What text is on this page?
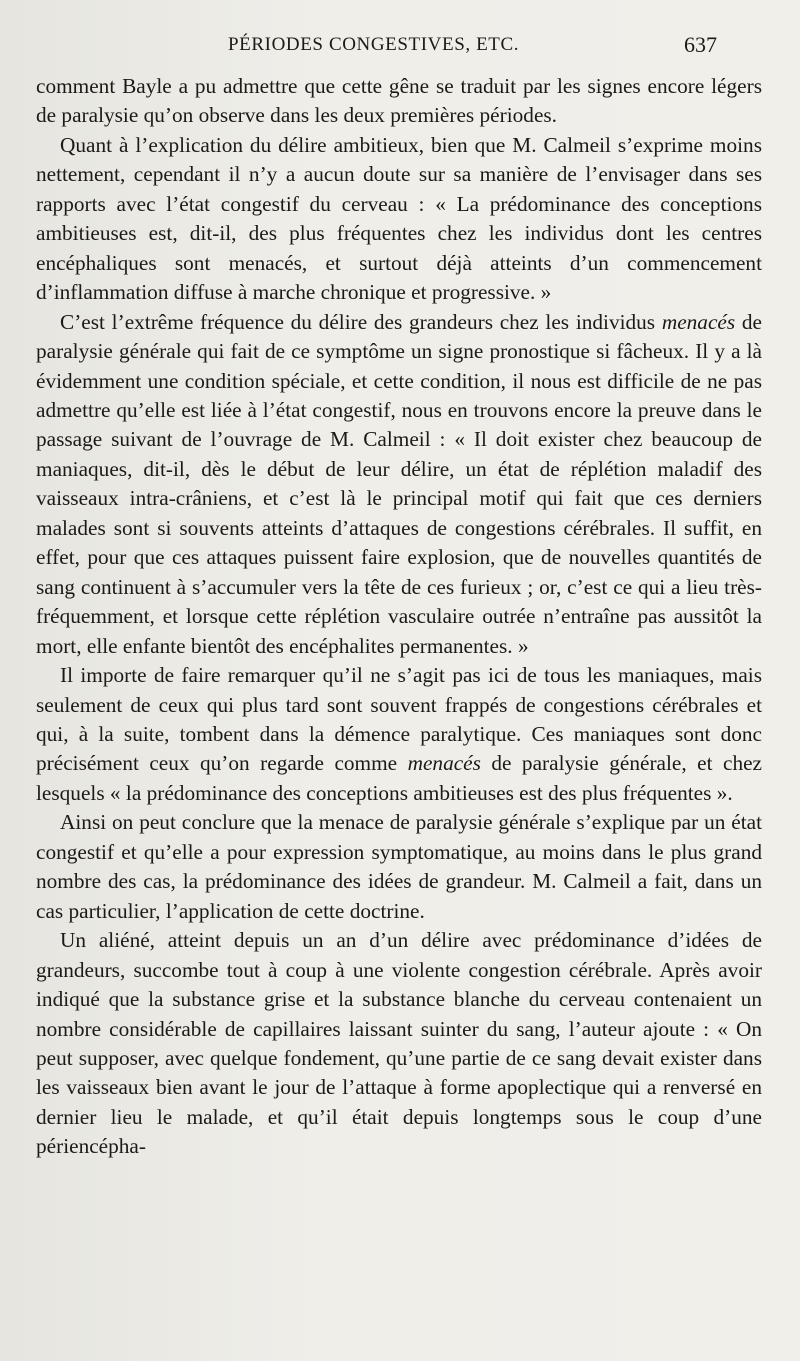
PÉRIODES CONGESTIVES, ETC.	637

comment Bayle a pu admettre que cette gêne se traduit par les signes encore légers de paralysie qu’on observe dans les deux premières périodes.

Quant à l’explication du délire ambitieux, bien que M. Calmeil s’exprime moins nettement, cependant il n’y a aucun doute sur sa manière de l’envisager dans ses rapports avec l’état congestif du cerveau : « La prédominance des conceptions ambitieuses est, dit-il, des plus fréquentes chez les individus dont les centres encéphaliques sont menacés, et surtout déjà atteints d’un commencement d’inflammation diffuse à marche chronique et progressive. »

C’est l’extrême fréquence du délire des grandeurs chez les individus menacés de paralysie générale qui fait de ce symptôme un signe pronostique si fâcheux. Il y a là évidemment une condition spéciale, et cette condition, il nous est difficile de ne pas admettre qu’elle est liée à l’état congestif, nous en trouvons encore la preuve dans le passage suivant de l’ouvrage de M. Calmeil : « Il doit exister chez beaucoup de maniaques, dit-il, dès le début de leur délire, un état de réplétion maladif des vaisseaux intra-crâniens, et c’est là le principal motif qui fait que ces derniers malades sont si souvents atteints d’attaques de congestions cérébrales. Il suffit, en effet, pour que ces attaques puissent faire explosion, que de nouvelles quantités de sang continuent à s’accumuler vers la tête de ces furieux ; or, c’est ce qui a lieu très-fréquemment, et lorsque cette réplétion vasculaire outrée n’entraîne pas aussitôt la mort, elle enfante bientôt des encéphalites permanentes. »

Il importe de faire remarquer qu’il ne s’agit pas ici de tous les maniaques, mais seulement de ceux qui plus tard sont souvent frappés de congestions cérébrales et qui, à la suite, tombent dans la démence paralytique. Ces maniaques sont donc précisément ceux qu’on regarde comme menacés de paralysie générale, et chez lesquels « la prédominance des conceptions ambitieuses est des plus fréquentes ».

Ainsi on peut conclure que la menace de paralysie générale s’explique par un état congestif et qu’elle a pour expression symptomatique, au moins dans le plus grand nombre des cas, la prédominance des idées de grandeur. M. Calmeil a fait, dans un cas particulier, l’application de cette doctrine.

Un aliéné, atteint depuis un an d’un délire avec prédominance d’idées de grandeurs, succombe tout à coup à une violente congestion cérébrale. Après avoir indiqué que la substance grise et la substance blanche du cerveau contenaient un nombre considérable de capillaires laissant suinter du sang, l’auteur ajoute : « On peut supposer, avec quelque fondement, qu’une partie de ce sang devait exister dans les vaisseaux bien avant le jour de l’attaque à forme apoplectique qui a renversé en dernier lieu le malade, et qu’il était depuis longtemps sous le coup d’une périencépha-
